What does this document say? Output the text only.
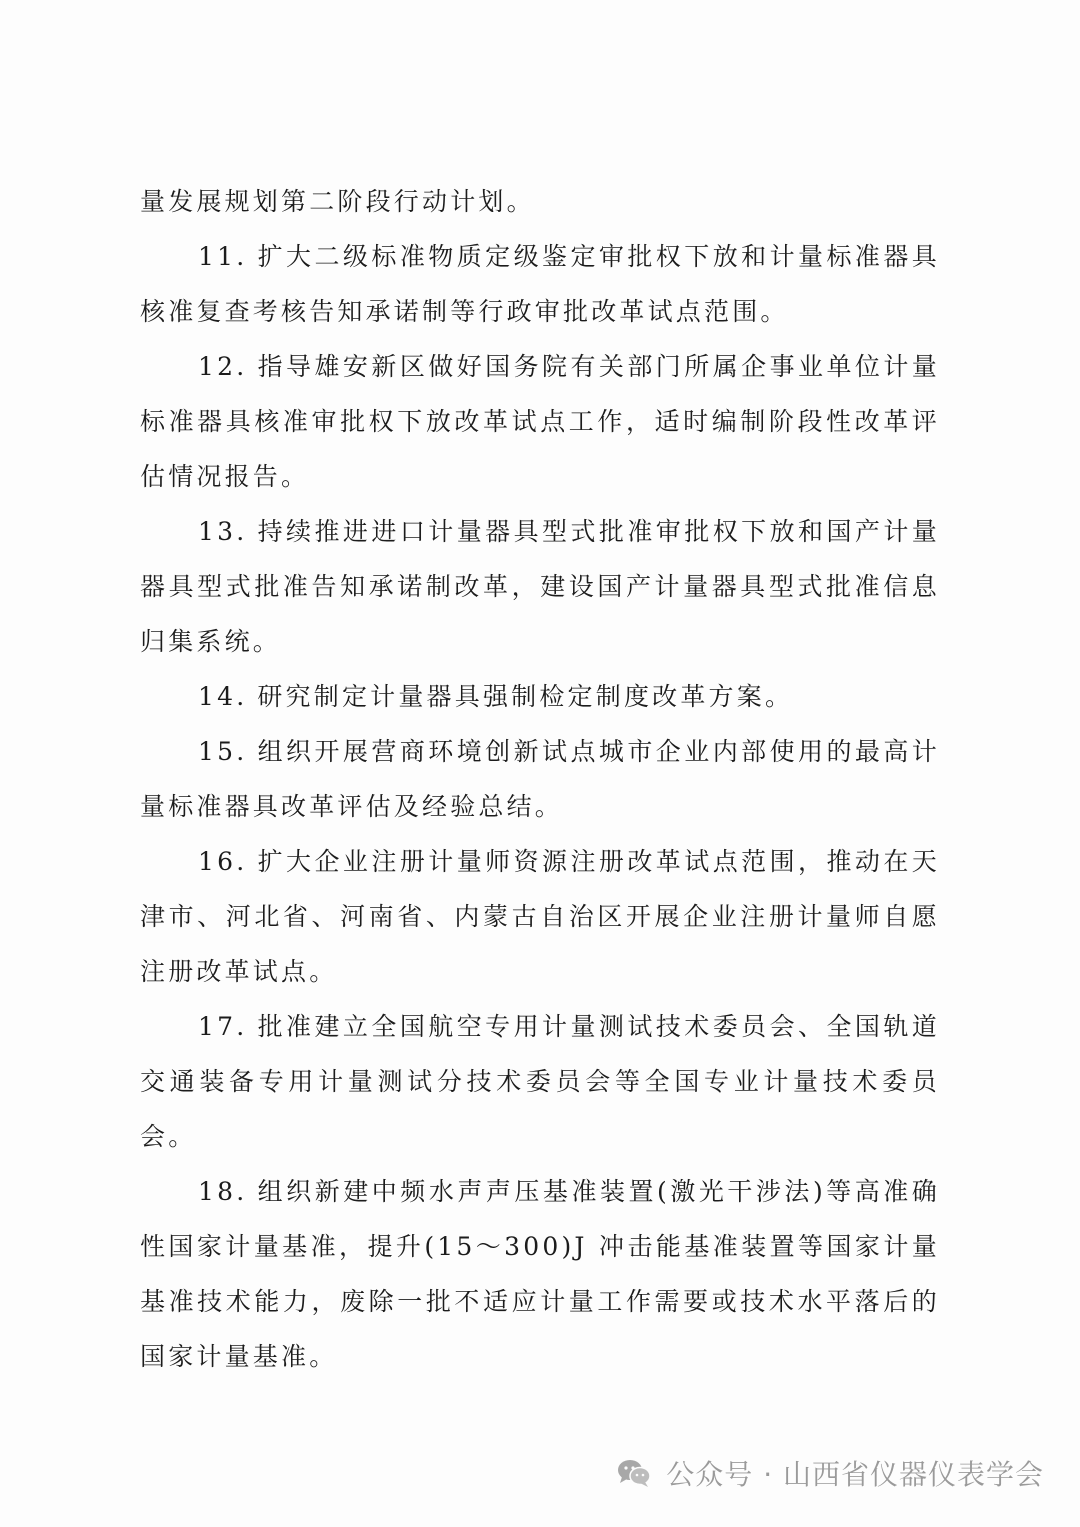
量发展规划第二阶段行动计划。

11. 扩大二级标准物质定级鉴定审批权下放和计量标准器具核准复查考核告知承诺制等行政审批改革试点范围。

12. 指导雄安新区做好国务院有关部门所属企事业单位计量标准器具核准审批权下放改革试点工作，适时编制阶段性改革评估情况报告。

13. 持续推进进口计量器具型式批准审批权下放和国产计量器具型式批准告知承诺制改革，建设国产计量器具型式批准信息归集系统。

14. 研究制定计量器具强制检定制度改革方案。

15. 组织开展营商环境创新试点城市企业内部使用的最高计量标准器具改革评估及经验总结。

16. 扩大企业注册计量师资源注册改革试点范围，推动在天津市、河北省、河南省、内蒙古自治区开展企业注册计量师自愿注册改革试点。

17. 批准建立全国航空专用计量测试技术委员会、全国轨道交通装备专用计量测试分技术委员会等全国专业计量技术委员会。

18. 组织新建中频水声声压基准装置(激光干涉法)等高准确性国家计量基准，提升(15～300)J 冲击能基准装置等国家计量基准技术能力，废除一批不适应计量工作需要或技术水平落后的国家计量基准。

公众号 · 山西省仪器仪表学会
